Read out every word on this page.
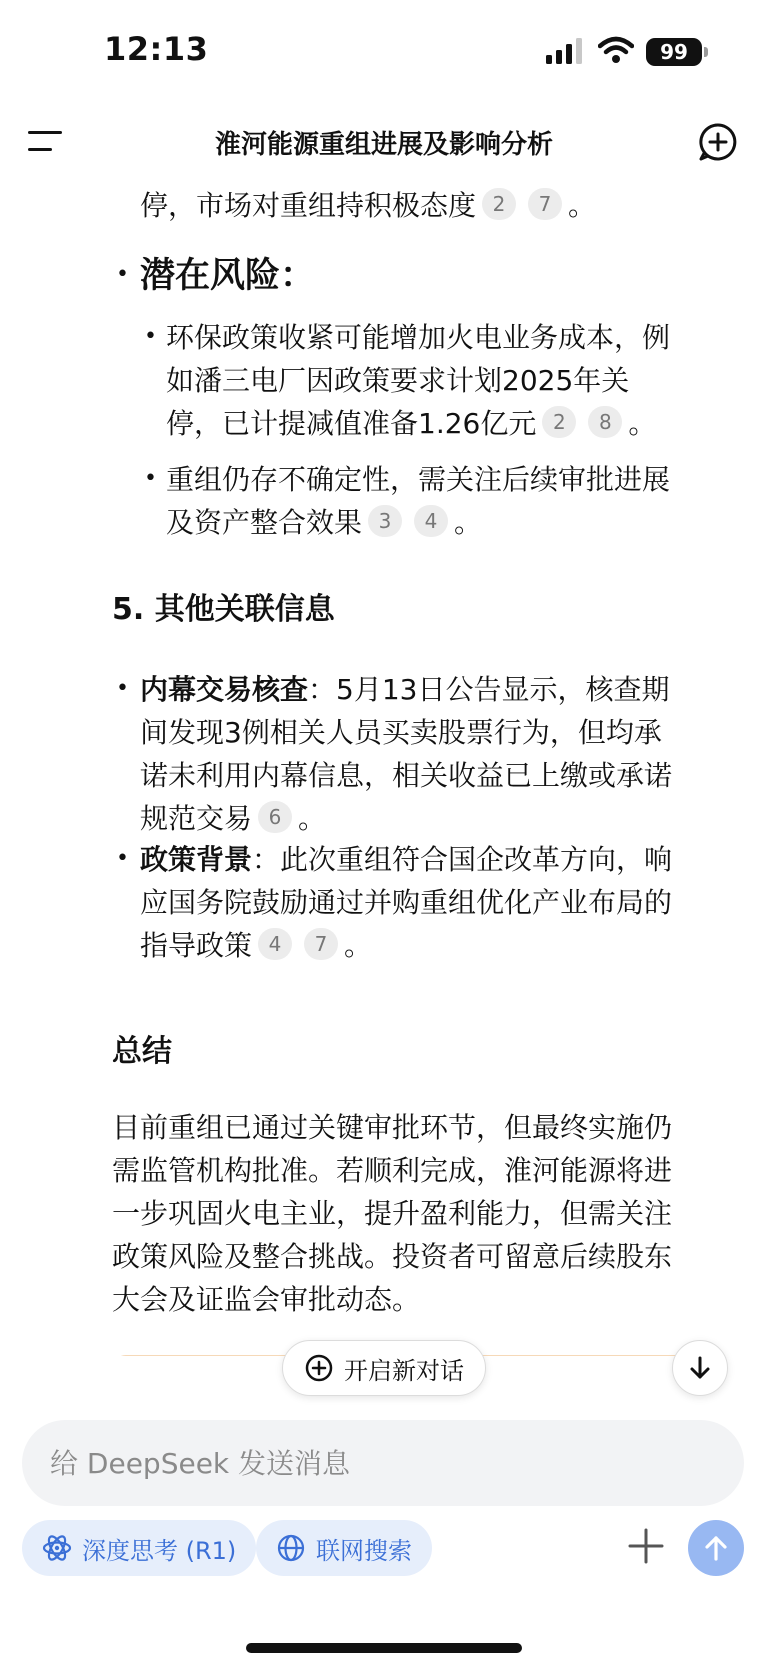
12:13	99
淮河能源重组进展及影响分析
停，市场对重组持积极态度 2 7 。
• 潜在风险：
• 环保政策收紧可能增加火电业务成本，例
如潘三电厂因政策要求计划2025年关
停，已计提减值准备1.26亿元 2 8 。
• 重组仍存不确定性，需关注后续审批进展
及资产整合效果 3 4 。
5. 其他关联信息
• 内幕交易核查：5月13日公告显示，核查期
间发现3例相关人员买卖股票行为，但均承
诺未利用内幕信息，相关收益已上缴或承诺
规范交易 6 。
• 政策背景：此次重组符合国企改革方向，响
应国务院鼓励通过并购重组优化产业布局的
指导政策 4 7 。
总结
目前重组已通过关键审批环节，但最终实施仍
需监管机构批准。若顺利完成，淮河能源将进
一步巩固火电主业，提升盈利能力，但需关注
政策风险及整合挑战。投资者可留意后续股东
大会及证监会审批动态。
开启新对话
给 DeepSeek 发送消息
深度思考 (R1)	联网搜索
